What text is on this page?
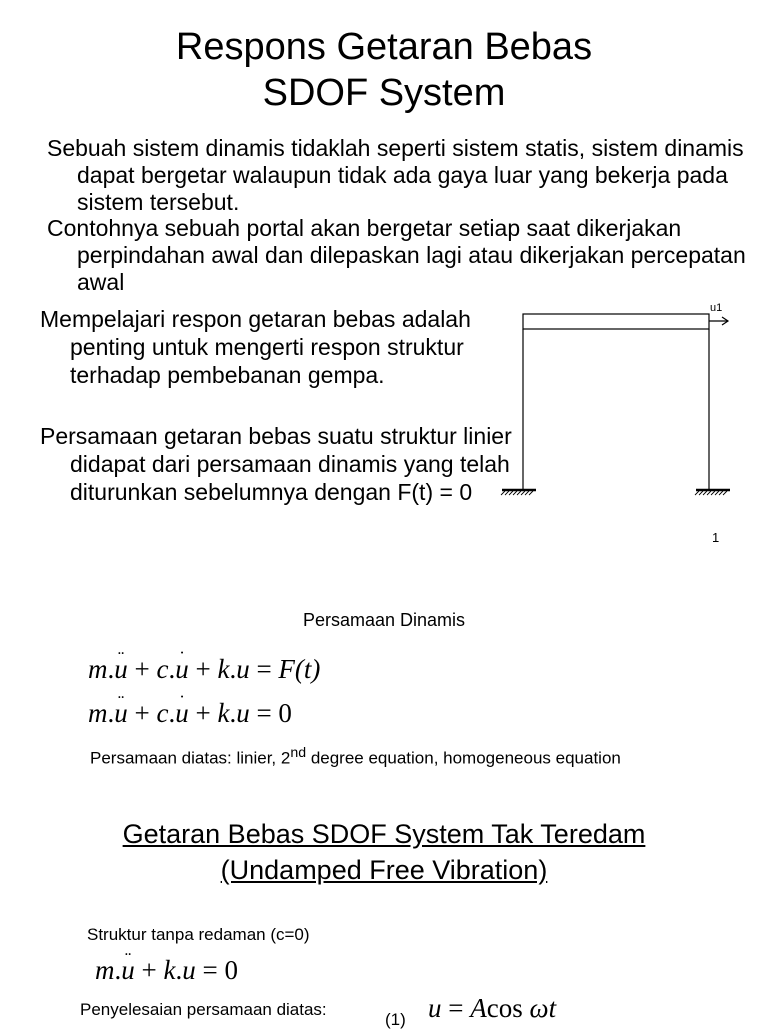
Respons Getaran Bebas
SDOF System
Sebuah sistem dinamis tidaklah seperti sistem statis, sistem dinamis dapat bergetar walaupun tidak ada gaya luar yang bekerja pada sistem tersebut.
Contohnya sebuah portal akan bergetar setiap saat dikerjakan perpindahan awal dan dilepaskan lagi atau dikerjakan percepatan awal
Mempelajari respon getaran bebas adalah penting untuk mengerti respon struktur terhadap pembebanan gempa.
Persamaan getaran bebas suatu struktur linier didapat dari persamaan dinamis yang telah diturunkan sebelumnya dengan F(t) = 0
u1
1
Persamaan Dinamis
m.u ¨ + c.u ˙ + k.u = F(t)
m.u ¨ + c.u ˙ + k.u = 0
Persamaan diatas: linier, 2nd degree equation, homogeneous equation
Getaran Bebas SDOF System Tak Teredam
(Undamped Free Vibration)
Struktur tanpa redaman (c=0)
m.u ¨ + k.u = 0
Penyelesaian persamaan diatas:
(1) u = Acos ωt
